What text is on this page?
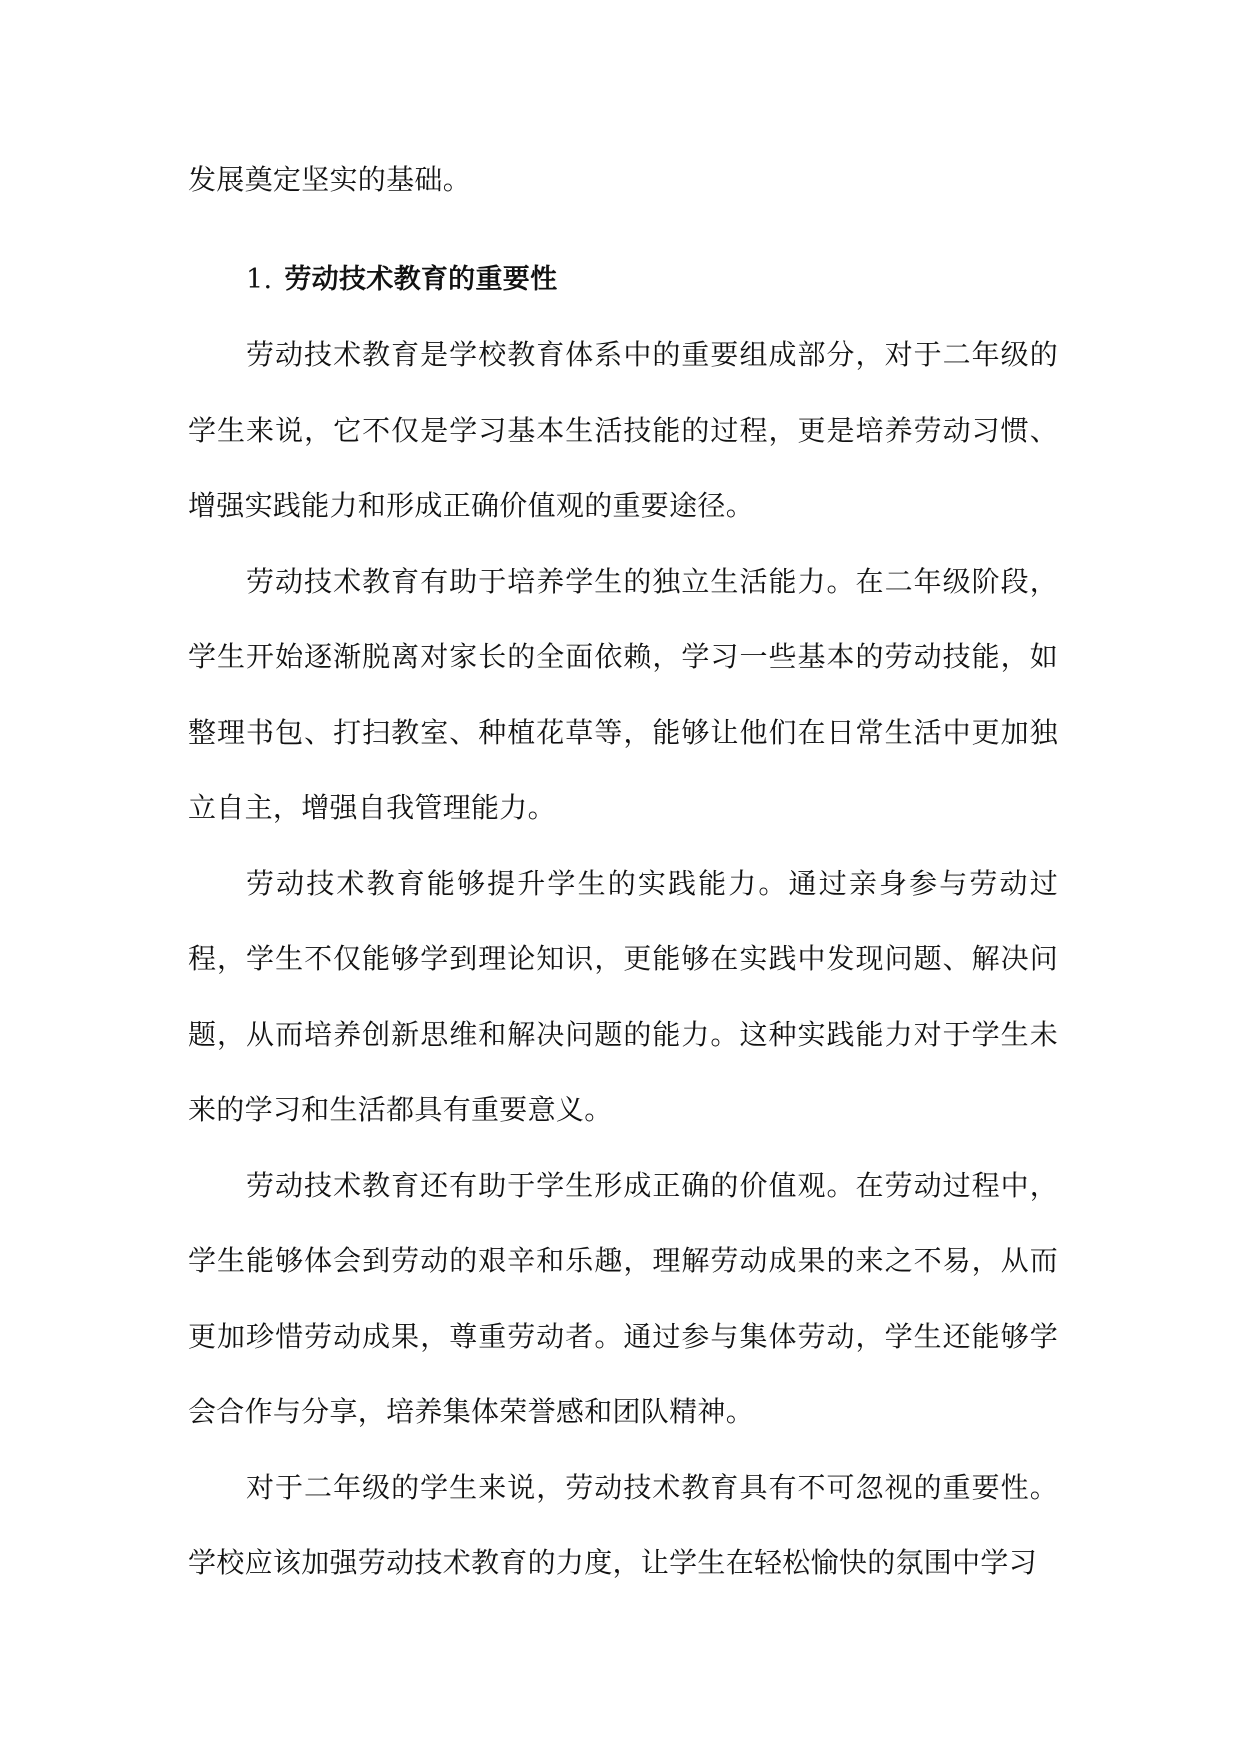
发展奠定坚实的基础。

1. 劳动技术教育的重要性

劳动技术教育是学校教育体系中的重要组成部分，对于二年级的学生来说，它不仅是学习基本生活技能的过程，更是培养劳动习惯、增强实践能力和形成正确价值观的重要途径。

劳动技术教育有助于培养学生的独立生活能力。在二年级阶段，学生开始逐渐脱离对家长的全面依赖，学习一些基本的劳动技能，如整理书包、打扫教室、种植花草等，能够让他们在日常生活中更加独立自主，增强自我管理能力。

劳动技术教育能够提升学生的实践能力。通过亲身参与劳动过程，学生不仅能够学到理论知识，更能够在实践中发现问题、解决问题，从而培养创新思维和解决问题的能力。这种实践能力对于学生未来的学习和生活都具有重要意义。

劳动技术教育还有助于学生形成正确的价值观。在劳动过程中，学生能够体会到劳动的艰辛和乐趣，理解劳动成果的来之不易，从而更加珍惜劳动成果，尊重劳动者。通过参与集体劳动，学生还能够学会合作与分享，培养集体荣誉感和团队精神。

对于二年级的学生来说，劳动技术教育具有不可忽视的重要性。学校应该加强劳动技术教育的力度，让学生在轻松愉快的氛围中学习
